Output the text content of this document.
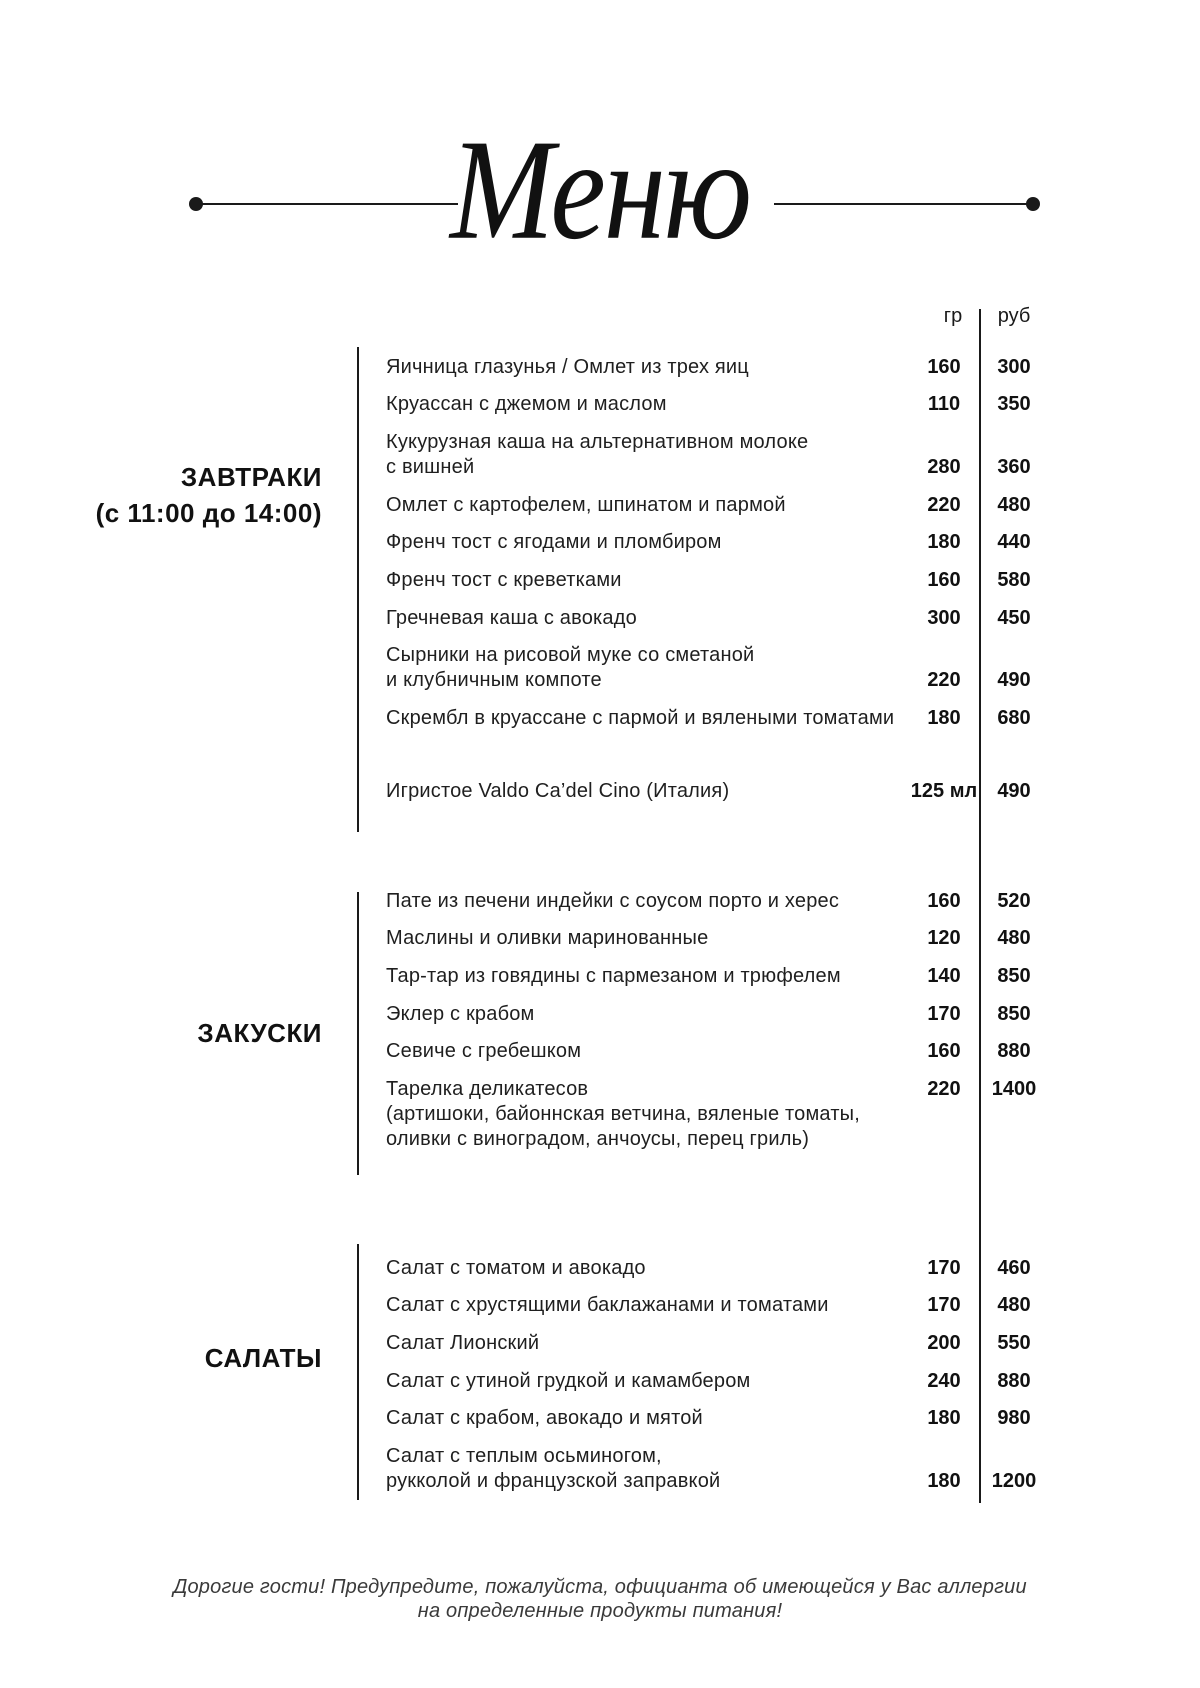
Меню
гр	руб
ЗАВТРАКИ
(с 11:00 до 14:00)
Яичница глазунья / Омлет из трех яиц	160	300
Круассан с джемом и маслом	110	350
Кукурузная каша на альтернативном молоке
с вишней	280	360
Омлет с картофелем, шпинатом и пармой	220	480
Френч тост с ягодами и пломбиром	180	440
Френч тост с креветками	160	580
Гречневая каша с авокадо	300	450
Сырники на рисовой муке со сметаной
и клубничным компоте	220	490
Скрембл в круассане с пармой и вялеными томатами	180	680
Игристое Valdo Ca’del Cino (Италия)	125 мл	490
ЗАКУСКИ
Пате из печени индейки с соусом порто и херес	160	520
Маслины и оливки маринованные	120	480
Тар-тар из говядины с пармезаном и трюфелем	140	850
Эклер с крабом	170	850
Севиче с гребешком	160	880
Тарелка деликатесов	220	1400
(артишоки, байоннская ветчина, вяленые томаты,
оливки с виноградом, анчоусы, перец гриль)
САЛАТЫ
Салат с томатом и авокадо	170	460
Салат с хрустящими баклажанами и томатами	170	480
Салат Лионский	200	550
Салат с утиной грудкой и камамбером	240	880
Салат с крабом, авокадо и мятой	180	980
Салат с теплым осьминогом,
рукколой и французской заправкой	180	1200
Дорогие гости! Предупредите, пожалуйста, официанта об имеющейся у Вас аллергии
на определенные продукты питания!
